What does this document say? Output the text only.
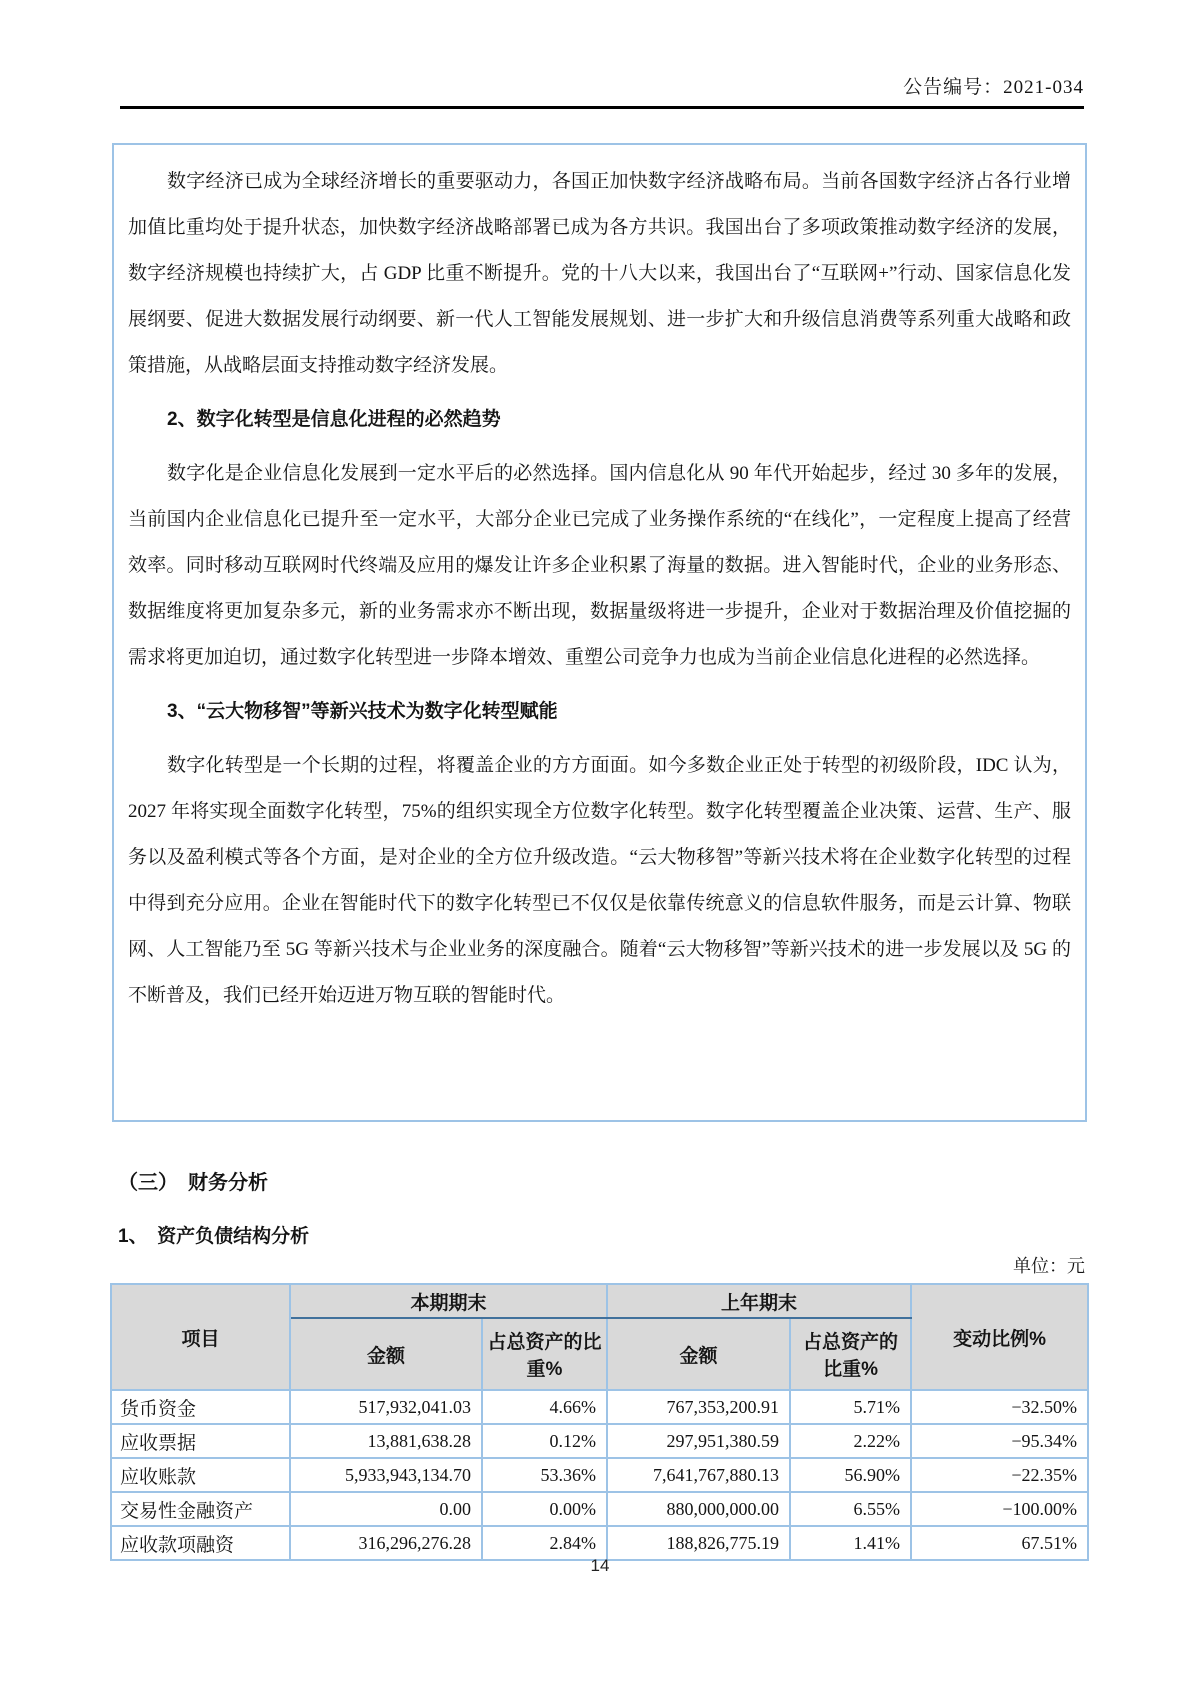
公告编号：2021-034

数字经济已成为全球经济增长的重要驱动力，各国正加快数字经济战略布局。当前各国数字经济占各行业增加值比重均处于提升状态，加快数字经济战略部署已成为各方共识。我国出台了多项政策推动数字经济的发展，数字经济规模也持续扩大，占 GDP 比重不断提升。党的十八大以来，我国出台了“互联网+”行动、国家信息化发展纲要、促进大数据发展行动纲要、新一代人工智能发展规划、进一步扩大和升级信息消费等系列重大战略和政策措施，从战略层面支持推动数字经济发展。

2、数字化转型是信息化进程的必然趋势

数字化是企业信息化发展到一定水平后的必然选择。国内信息化从 90 年代开始起步，经过 30 多年的发展，当前国内企业信息化已提升至一定水平，大部分企业已完成了业务操作系统的“在线化”，一定程度上提高了经营效率。同时移动互联网时代终端及应用的爆发让许多企业积累了海量的数据。进入智能时代，企业的业务形态、数据维度将更加复杂多元，新的业务需求亦不断出现，数据量级将进一步提升，企业对于数据治理及价值挖掘的需求将更加迫切，通过数字化转型进一步降本增效、重塑公司竞争力也成为当前企业信息化进程的必然选择。

3、“云大物移智”等新兴技术为数字化转型赋能

数字化转型是一个长期的过程，将覆盖企业的方方面面。如今多数企业正处于转型的初级阶段，IDC 认为，2027 年将实现全面数字化转型，75%的组织实现全方位数字化转型。数字化转型覆盖企业决策、运营、生产、服务以及盈利模式等各个方面，是对企业的全方位升级改造。“云大物移智”等新兴技术将在企业数字化转型的过程中得到充分应用。企业在智能时代下的数字化转型已不仅仅是依靠传统意义的信息软件服务，而是云计算、物联网、人工智能乃至 5G 等新兴技术与企业业务的深度融合。随着“云大物移智”等新兴技术的进一步发展以及 5G 的不断普及，我们已经开始迈进万物互联的智能时代。

（三）　财务分析
1、　资产负债结构分析
单位：元
项目	本期期末		上年期末		变动比例%
	金额	占总资产的比重%	金额	占总资产的比重%	
货币资金	517,932,041.03	4.66%	767,353,200.91	5.71%	−32.50%
应收票据	13,881,638.28	0.12%	297,951,380.59	2.22%	−95.34%
应收账款	5,933,943,134.70	53.36%	7,641,767,880.13	56.90%	−22.35%
交易性金融资产	0.00	0.00%	880,000,000.00	6.55%	−100.00%
应收款项融资	316,296,276.28	2.84%	188,826,775.19	1.41%	67.51%
14
